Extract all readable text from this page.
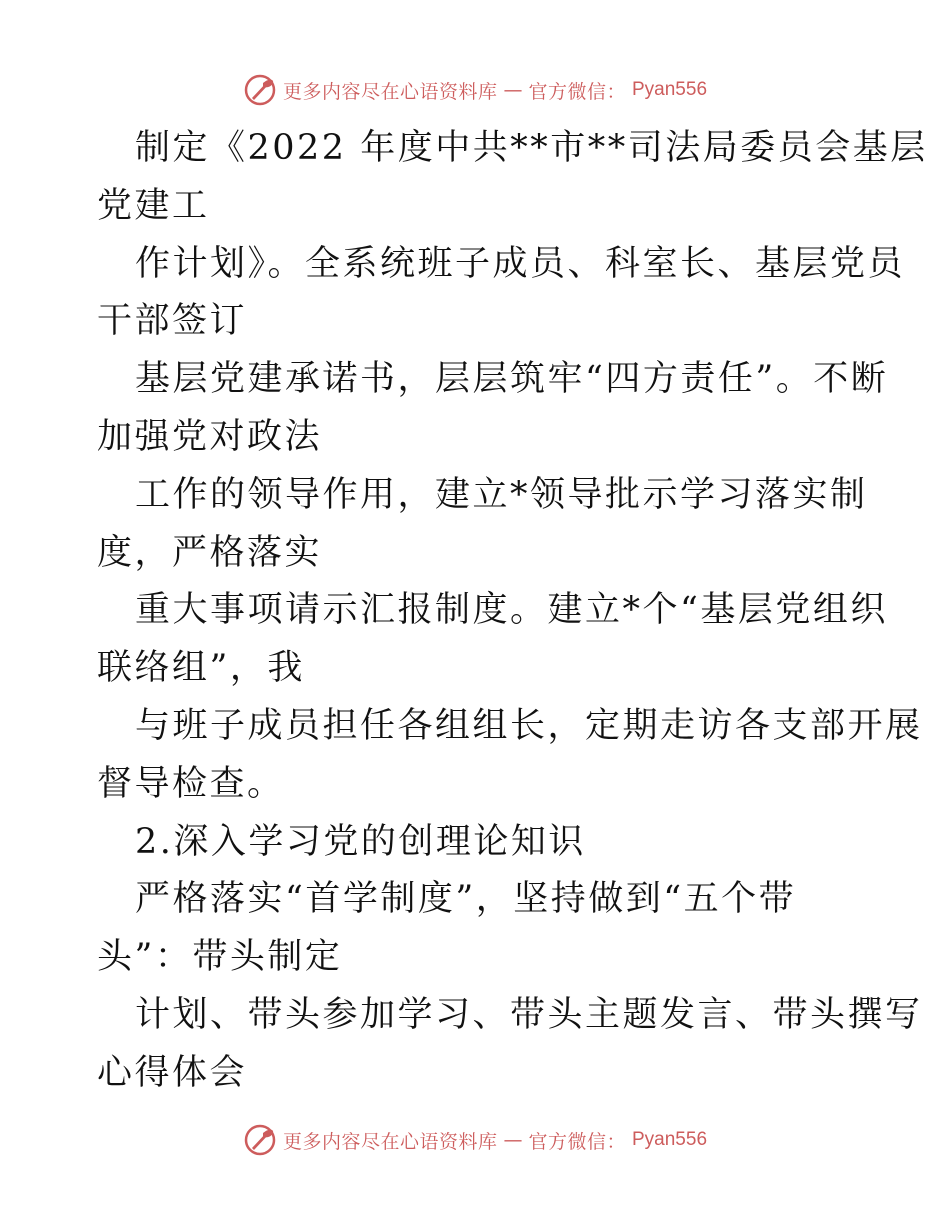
更多内容尽在心语资料库 — 官方微信： Pyan556
制定《2022 年度中共**市**司法局委员会基层
党建工
作计划》。全系统班子成员、科室长、基层党员
干部签订
基层党建承诺书，层层筑牢“四方责任”。不断
加强党对政法
工作的领导作用，建立*领导批示学习落实制
度，严格落实
重大事项请示汇报制度。建立*个“基层党组织
联络组”，我
与班子成员担任各组组长，定期走访各支部开展
督导检查。
2.深入学习党的创理论知识
严格落实“首学制度”，坚持做到“五个带
头”：带头制定
计划、带头参加学习、带头主题发言、带头撰写
心得体会
更多内容尽在心语资料库 — 官方微信： Pyan556
